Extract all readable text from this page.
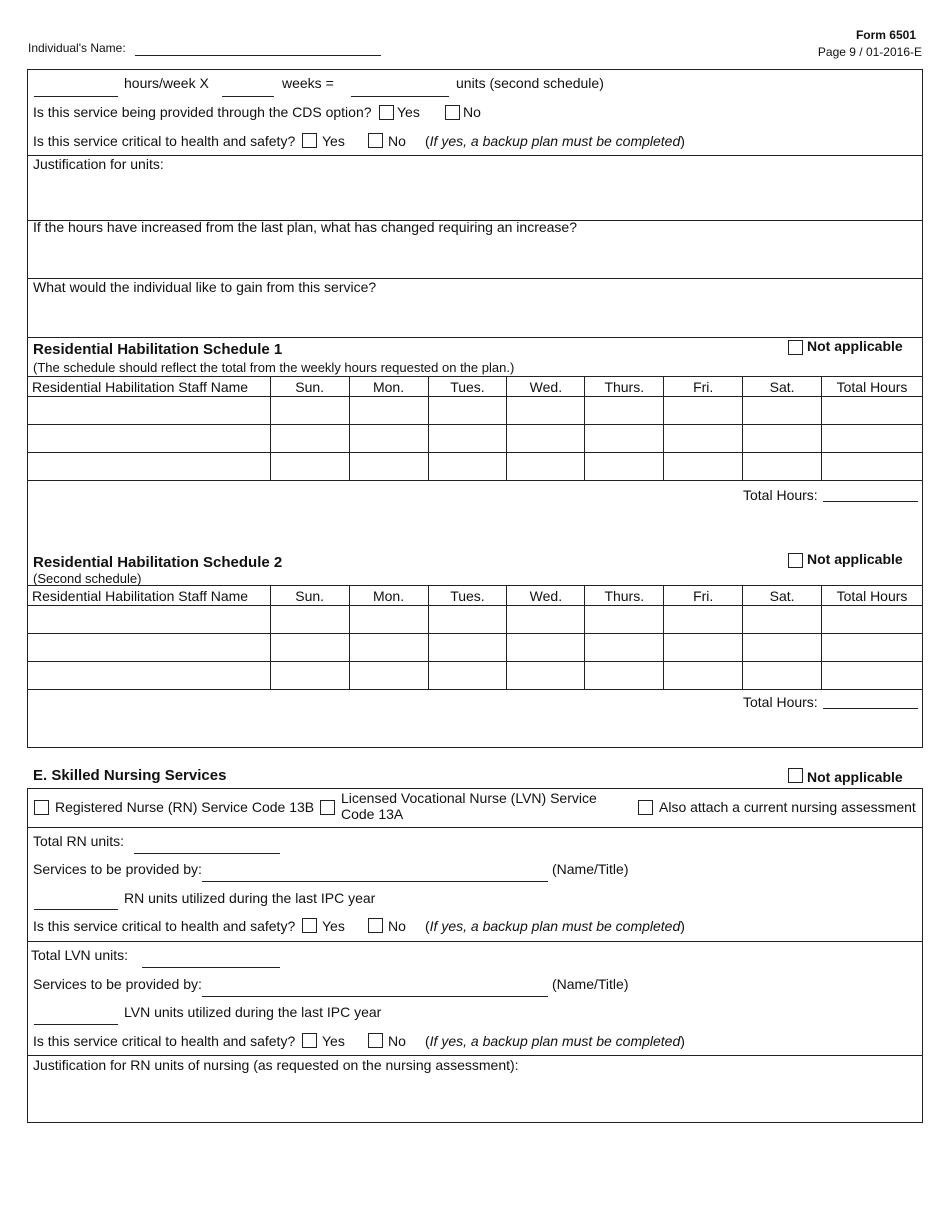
Individual's Name:
Form 6501
Page 9 / 01-2016-E
hours/week X	weeks =	units (second schedule)
Is this service being provided through the CDS option? Yes	No
Is this service critical to health and safety? Yes	No (If yes, a backup plan must be completed)
Justification for units:
If the hours have increased from the last plan, what has changed requiring an increase?
What would the individual like to gain from this service?
Residential Habilitation Schedule 1
(The schedule should reflect the total from the weekly hours requested on the plan.)
Not applicable
Residential Habilitation Staff Name	Sun.	Mon.	Tues.	Wed.	Thurs.	Fri.	Sat.	Total Hours

Total Hours:
Residential Habilitation Schedule 2
(Second schedule)
Not applicable
Residential Habilitation Staff Name	Sun.	Mon.	Tues.	Wed.	Thurs.	Fri.	Sat.	Total Hours

Total Hours:
E. Skilled Nursing Services	Not applicable
Registered Nurse (RN) Service Code 13B
Licensed Vocational Nurse (LVN) Service Code 13A	Also attach a current nursing assessment
Total RN units:
Services to be provided by:	(Name/Title)
RN units utilized during the last IPC year
Is this service critical to health and safety? Yes	No (If yes, a backup plan must be completed)
Total LVN units:
Services to be provided by:	(Name/Title)
LVN units utilized during the last IPC year
Is this service critical to health and safety? Yes	No (If yes, a backup plan must be completed)
Justification for RN units of nursing (as requested on the nursing assessment):
